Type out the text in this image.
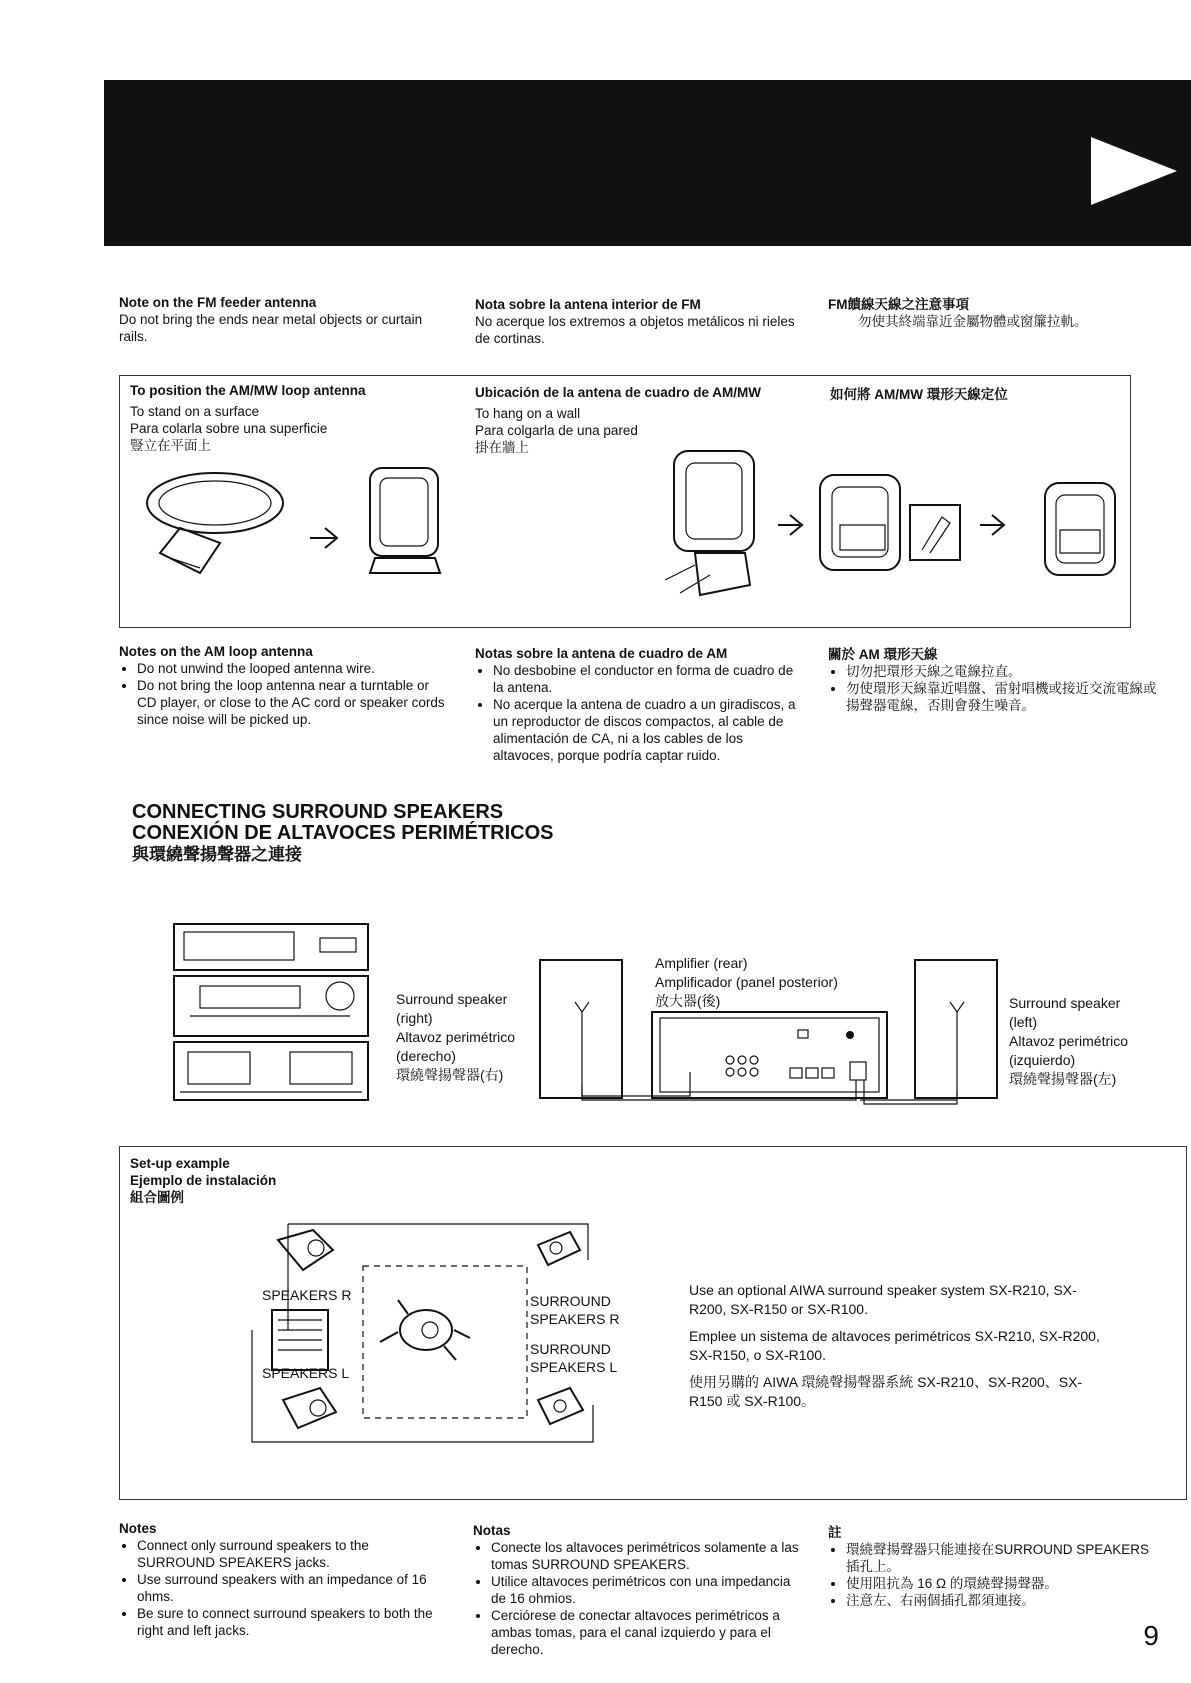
Note on the FM feeder antenna
Do not bring the ends near metal objects or curtain rails.
Nota sobre la antena interior de FM
No acerque los extremos a objetos metálicos ni rieles de cortinas.
FM饋線天線之注意事項
勿使其終端靠近金屬物體或窗簾拉軌。
To position the AM/MW loop antenna
To stand on a surface
Para colarla sobre una superficie
豎立在平面上
Ubicación de la antena de cuadro de AM/MW
To hang on a wall
Para colgarla de una pared
掛在牆上
如何將 AM/MW 環形天線定位
Notes on the AM loop antenna
• Do not unwind the looped antenna wire.
• Do not bring the loop antenna near a turntable or CD player, or close to the AC cord or speaker cords since noise will be picked up.
Notas sobre la antena de cuadro de AM
• No desbobine el conductor en forma de cuadro de la antena.
• No acerque la antena de cuadro a un giradiscos, a un reproductor de discos compactos, al cable de alimentación de CA, ni a los cables de los altavoces, porque podría captar ruido.
關於 AM 環形天線
• 切勿把環形天線之電線拉直。
• 勿使環形天線靠近唱盤、雷射唱機或接近交流電線或揚聲器電線，否則會發生噪音。
CONNECTING SURROUND SPEAKERS
CONEXIÓN DE ALTAVOCES PERIMÉTRICOS
與環繞聲揚聲器之連接
Surround speaker
(right)
Altavoz perimétrico
(derecho)
環繞聲揚聲器(右)
Amplifier (rear)
Amplificador (panel posterior)
放大器(後)	Surround speaker
(left)
Altavoz perimétrico
(izquierdo)
環繞聲揚聲器(左)
Set-up example
Ejemplo de instalación
組合圖例
SPEAKERS R
SPEAKERS L
SURROUND
SPEAKERS R
SURROUND
SPEAKERS L
Use an optional AIWA surround speaker system SX-R210, SX-R200, SX-R150 or SX-R100.
Emplee un sistema de altavoces perimétricos SX-R210, SX-R200, SX-R150, o SX-R100.
使用另購的 AIWA 環繞聲揚聲器系統 SX-R210、SX-R200、SX-R150 或 SX-R100。
Notes
• Connect only surround speakers to the SURROUND SPEAKERS jacks.
• Use surround speakers with an impedance of 16 ohms.
• Be sure to connect surround speakers to both the right and left jacks.
Notas
• Conecte los altavoces perimétricos solamente a las tomas SURROUND SPEAKERS.
• Utilice altavoces perimétricos con una impedancia de 16 ohmios.
• Cerciórese de conectar altavoces perimétricos a ambas tomas, para el canal izquierdo y para el derecho.
註
• 環繞聲揚聲器只能連接在SURROUND SPEAKERS插孔上。
• 使用阻抗為 16 Ω 的環繞聲揚聲器。
• 注意左、右兩個插孔都須連接。
9
